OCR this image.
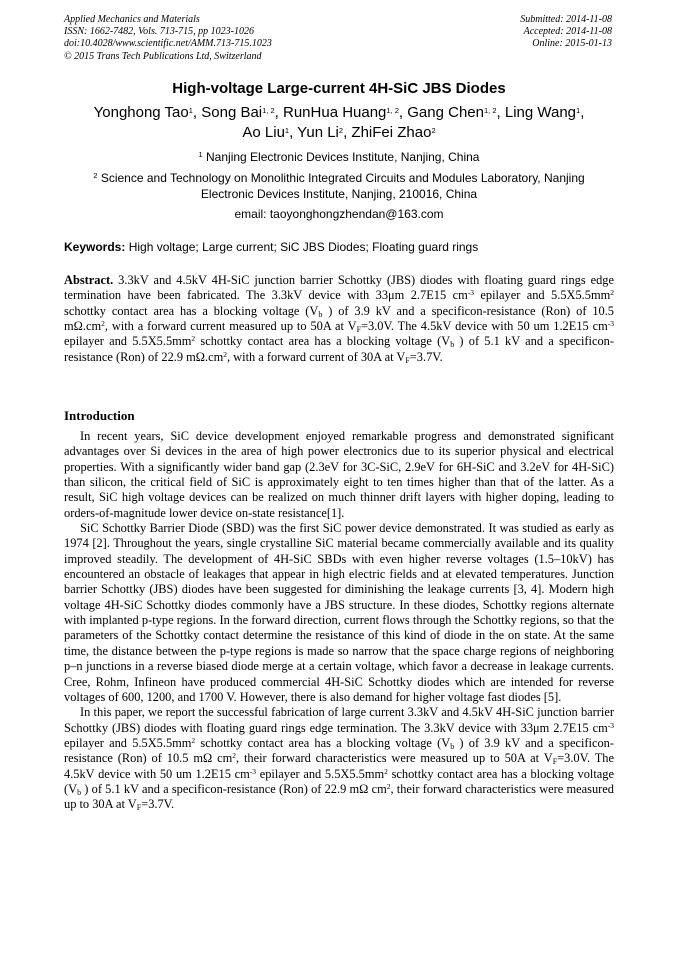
Applied Mechanics and Materials
ISSN: 1662-7482, Vols. 713-715, pp 1023-1026
doi:10.4028/www.scientific.net/AMM.713-715.1023
© 2015 Trans Tech Publications Ltd, Switzerland
Submitted: 2014-11-08
Accepted: 2014-11-08
Online: 2015-01-13
High-voltage Large-current 4H-SiC JBS Diodes
Yonghong Tao$^1$, Song Bai$^{1, 2}$, RunHua Huang$^{1, 2}$, Gang Chen$^{1, 2}$, Ling Wang$^1$,
Ao Liu$^1$, Yun Li$^2$, ZhiFei Zhao$^2$
$^1$ Nanjing Electronic Devices Institute, Nanjing, China
$^2$ Science and Technology on Monolithic Integrated Circuits and Modules Laboratory, Nanjing Electronic Devices Institute, Nanjing, 210016, China
email: taoyonghongzhendan@163.com
Keywords: High voltage; Large current; SiC JBS Diodes; Floating guard rings

Abstract. 3.3kV and 4.5kV 4H-SiC junction barrier Schottky (JBS) diodes with floating guard rings edge termination have been fabricated. The 3.3kV device with 33μm 2.7E15 $cm^{-3}$ epilayer and $5.5X5.5mm^2$ schottky contact area has a blocking voltage ($V_b$ ) of 3.9 kV and a specificon-resistance (Ron) of 10.5 $m\Omega.cm^2$, with a forward current measured up to 50A at $V_F=3.0V$. The 4.5kV device with 50 um 1.2E15 $cm^{-3}$ epilayer and $5.5X5.5mm^2$ schottky contact area has a blocking voltage ($V_b$ ) of 5.1 kV and a specificon-resistance (Ron) of 22.9 $m\Omega.cm^2$, with a forward current of 30A at $V_F=3.7V$.

Introduction

In recent years, SiC device development enjoyed remarkable progress and demonstrated significant advantages over Si devices in the area of high power electronics due to its superior physical and electrical properties. With a significantly wider band gap (2.3eV for 3C-SiC, 2.9eV for 6H-SiC and 3.2eV for 4H-SiC) than silicon, the critical field of SiC is approximately eight to ten times higher than that of the latter. As a result, SiC high voltage devices can be realized on much thinner drift layers with higher doping, leading to orders-of-magnitude lower device on-state resistance[1].

SiC Schottky Barrier Diode (SBD) was the first SiC power device demonstrated. It was studied as early as 1974 [2]. Throughout the years, single crystalline SiC material became commercially available and its quality improved steadily. The development of 4H-SiC SBDs with even higher reverse voltages (1.5–10kV) has encountered an obstacle of leakages that appear in high electric fields and at elevated temperatures. Junction barrier Schottky (JBS) diodes have been suggested for diminishing the leakage currents [3, 4]. Modern high voltage 4H-SiC Schottky diodes commonly have a JBS structure. In these diodes, Schottky regions alternate with implanted p-type regions. In the forward direction, current flows through the Schottky regions, so that the parameters of the Schottky contact determine the resistance of this kind of diode in the on state. At the same time, the distance between the p-type regions is made so narrow that the space charge regions of neighboring p–n junctions in a reverse biased diode merge at a certain voltage, which favor a decrease in leakage currents. Cree, Rohm, Infineon have produced commercial 4H-SiC Schottky diodes which are intended for reverse voltages of 600, 1200, and 1700 V. However, there is also demand for higher voltage fast diodes [5].

In this paper, we report the successful fabrication of large current 3.3kV and 4.5kV 4H-SiC junction barrier Schottky (JBS) diodes with floating guard rings edge termination. The 3.3kV device with 33μm 2.7E15 $cm^{-3}$ epilayer and $5.5X5.5mm^2$ schottky contact area has a blocking voltage ($V_b$ ) of 3.9 kV and a specificon-resistance (Ron) of 10.5 mΩ $cm^2$, their forward characteristics were measured up to 50A at $V_F=3.0V$. The 4.5kV device with 50 um 1.2E15 $cm^{-3}$ epilayer and $5.5X5.5mm^2$ schottky contact area has a blocking voltage ($V_b$ ) of 5.1 kV and a specificon-resistance (Ron) of 22.9 mΩ $cm^2$, their forward characteristics were measured up to 30A at $V_F=3.7V$.
